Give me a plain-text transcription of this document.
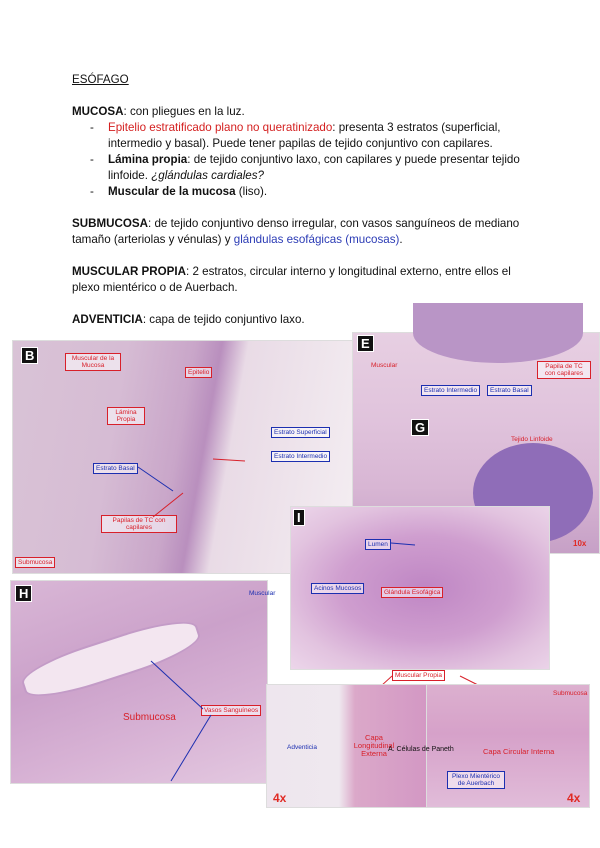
ESÓFAGO
MUCOSA: con pliegues en la luz.
- Epitelio estratificado plano no queratinizado: presenta 3 estratos (superficial, intermedio y basal). Puede tener papilas de tejido conjuntivo con capilares.
- Lámina propia: de tejido conjuntivo laxo, con capilares y puede presentar tejido linfoide. ¿glándulas cardiales?
- Muscular de la mucosa (liso).
SUBMUCOSA: de tejido conjuntivo denso irregular, con vasos sanguíneos de mediano tamaño (arteriolas y vénulas) y glándulas esofágicas (mucosas).
MUSCULAR PROPIA: 2 estratos, circular interno y longitudinal externo, entre ellos el plexo mientérico o de Auerbach.
ADVENTICIA: capa de tejido conjuntivo laxo.
B	Muscular de la Mucosa
Epitelio
Lámina Propia
Estrato Superficial
Estrato Intermedio
Estrato Basal
Papilas de TC con capilares
Submucosa
E
Muscular
Estrato Intermedio	Estrato Basal
Papila de TC con capilares
G
Tejido Linfoide
10x
I
Lumen
Acinos Mucosos
Glándula Esofágica
H	Muscular
Submucosa
Vasos Sanguíneos
Muscular Propia
Adventicia
Capa Longitudinal Externa
4x
Submucosa
Capa Circular Interna
Plexo Mientérico de Auerbach
4x
A. Células de Paneth
